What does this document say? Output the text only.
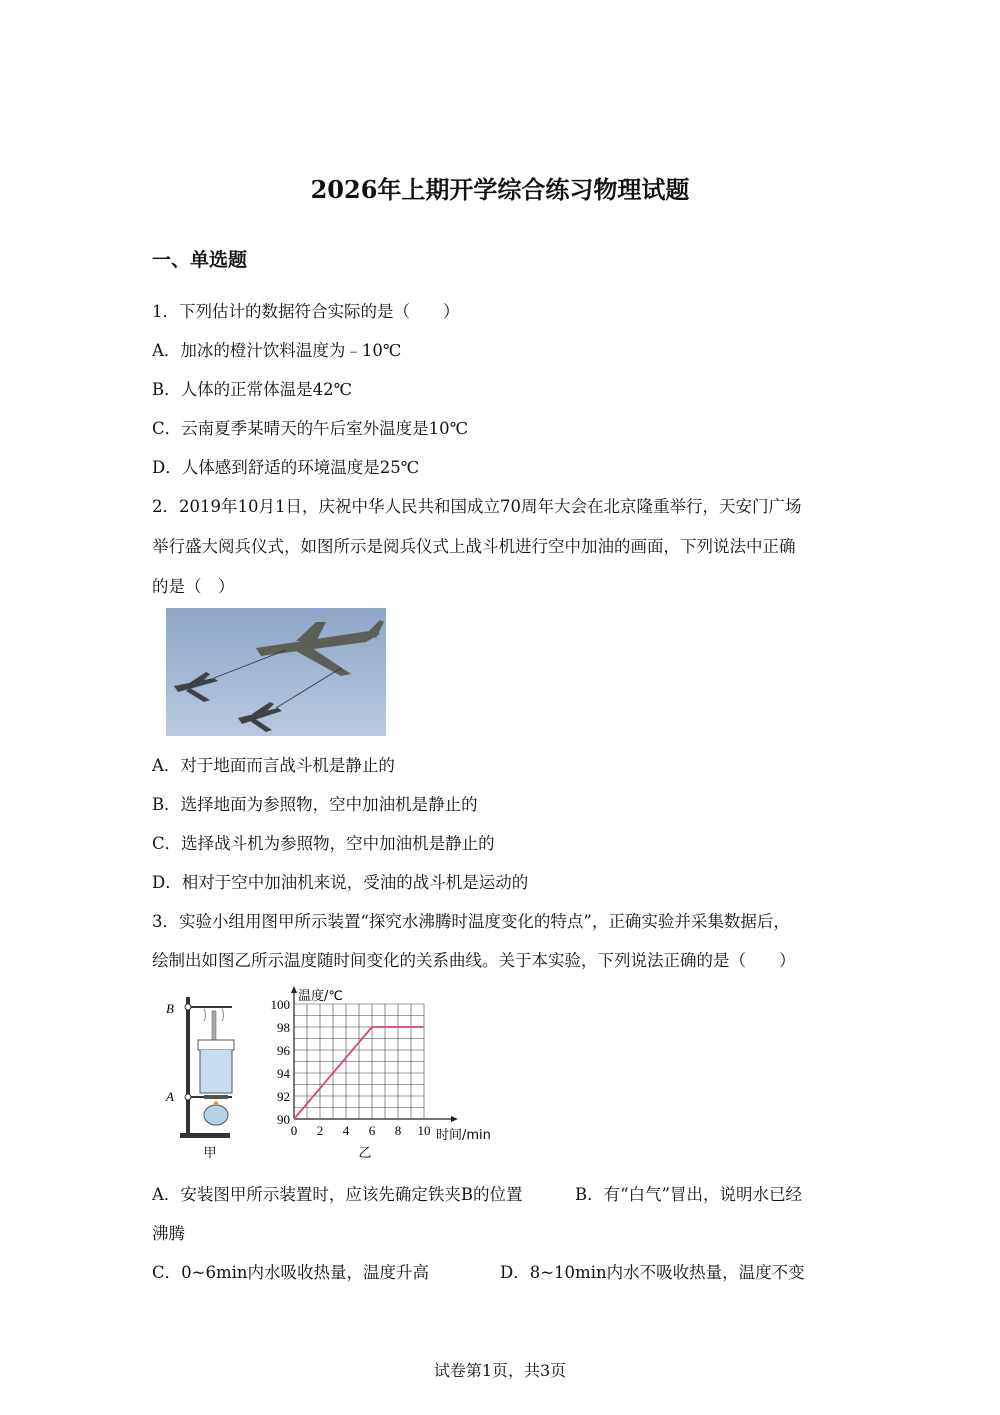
2026年上期开学综合练习物理试题
一、单选题
1．下列估计的数据符合实际的是（　　）
A．加冰的橙汁饮料温度为﹣10℃
B．人体的正常体温是42℃
C．云南夏季某晴天的午后室外温度是10℃
D．人体感到舒适的环境温度是25℃
2．2019年10月1日，庆祝中华人民共和国成立70周年大会在北京隆重举行，天安门广场
举行盛大阅兵仪式，如图所示是阅兵仪式上战斗机进行空中加油的画面，下列说法中正确
的是（　）
A．对于地面而言战斗机是静止的
B．选择地面为参照物，空中加油机是静止的
C．选择战斗机为参照物，空中加油机是静止的
D．相对于空中加油机来说，受油的战斗机是运动的
3．实验小组用图甲所示装置“探究水沸腾时温度变化的特点”，正确实验并采集数据后，
绘制出如图乙所示温度随时间变化的关系曲线。关于本实验，下列说法正确的是（　　）
B
A
甲
0 2 4 6 8 10
90
92
94
96
98
100
时间/min
温度/℃
乙
A．安装图甲所示装置时，应该先确定铁夹B的位置	B．有“白气”冒出，说明水已经
沸腾
C．0~6min内水吸收热量，温度升高	D．8~10min内水不吸收热量，温度不变
试卷第1页，共3页
